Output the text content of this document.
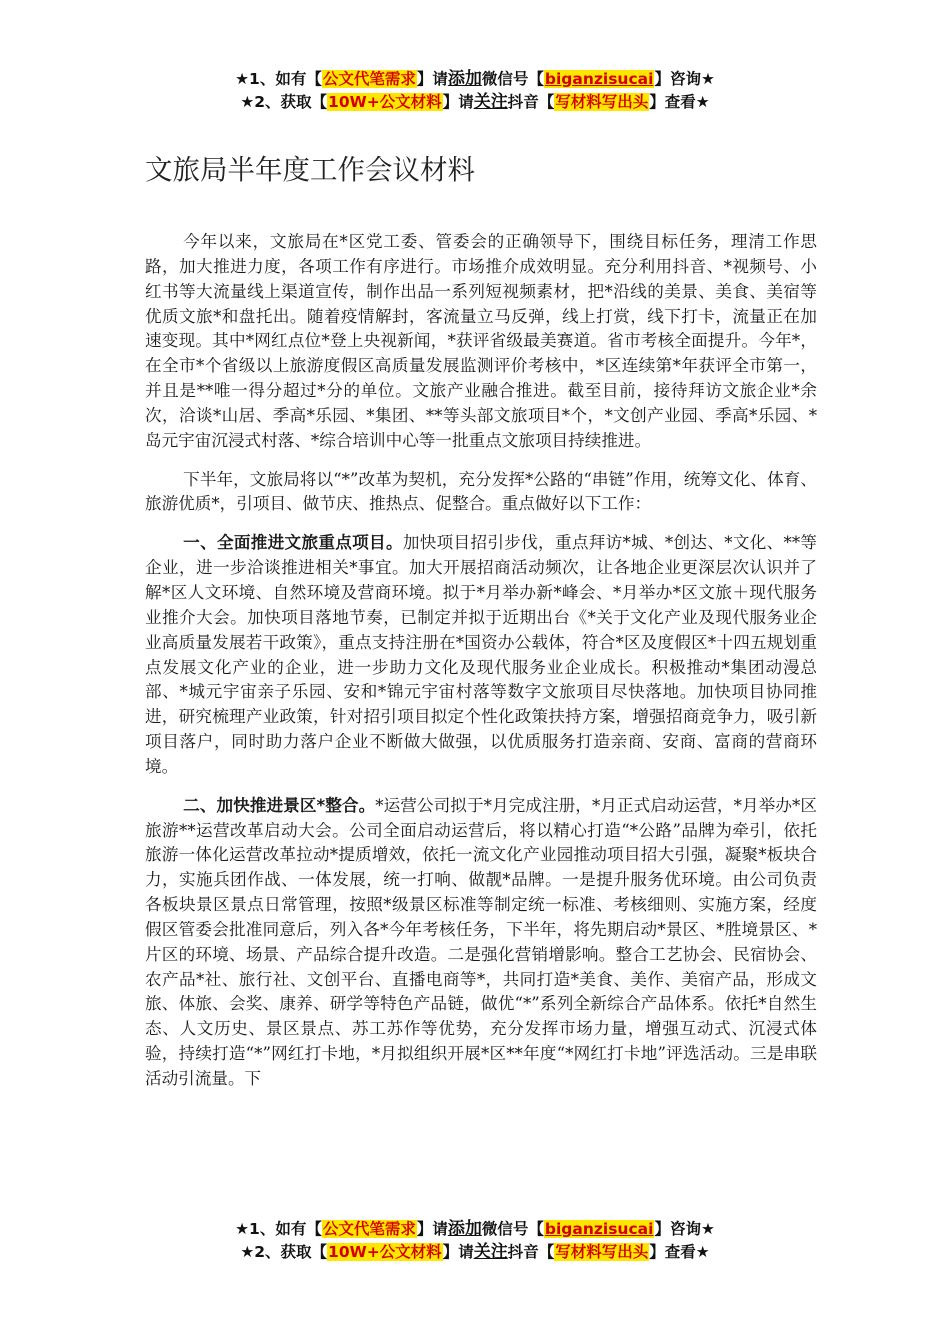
★1、如有【公文代笔需求】请添加微信号【biganzisucai】咨询★
★2、获取【10W+公文材料】请关注抖音【写材料写出头】查看★
文旅局半年度工作会议材料

今年以来，文旅局在*区党工委、管委会的正确领导下，围绕目标任务，理清工作思路，加大推进力度，各项工作有序进行。市场推介成效明显。充分利用抖音、*视频号、小红书等大流量线上渠道宣传，制作出品一系列短视频素材，把*沿线的美景、美食、美宿等优质文旅*和盘托出。随着疫情解封，客流量立马反弹，线上打赏，线下打卡，流量正在加速变现。其中*网红点位*登上央视新闻，*获评省级最美赛道。省市考核全面提升。今年*，在全市*个省级以上旅游度假区高质量发展监测评价考核中，*区连续第*年获评全市第一，并且是**唯一得分超过*分的单位。文旅产业融合推进。截至目前，接待拜访文旅企业*余次，洽谈*山居、季高*乐园、*集团、**等头部文旅项目*个，*文创产业园、季高*乐园、*岛元宇宙沉浸式村落、*综合培训中心等一批重点文旅项目持续推进。

下半年，文旅局将以“*”改革为契机，充分发挥*公路的“串链”作用，统筹文化、体育、旅游优质*，引项目、做节庆、推热点、促整合。重点做好以下工作：

一、全面推进文旅重点项目。加快项目招引步伐，重点拜访*城、*创达、*文化、**等企业，进一步洽谈推进相关*事宜。加大开展招商活动频次，让各地企业更深层次认识并了解*区人文环境、自然环境及营商环境。拟于*月举办新*峰会、*月举办*区文旅＋现代服务业推介大会。加快项目落地节奏，已制定并拟于近期出台《*关于文化产业及现代服务业企业高质量发展若干政策》，重点支持注册在*国资办公载体，符合*区及度假区*十四五规划重点发展文化产业的企业，进一步助力文化及现代服务业企业成长。积极推动*集团动漫总部、*城元宇宙亲子乐园、安和*锦元宇宙村落等数字文旅项目尽快落地。加快项目协同推进，研究梳理产业政策，针对招引项目拟定个性化政策扶持方案，增强招商竞争力，吸引新项目落户，同时助力落户企业不断做大做强，以优质服务打造亲商、安商、富商的营商环境。

二、加快推进景区*整合。*运营公司拟于*月完成注册，*月正式启动运营，*月举办*区旅游**运营改革启动大会。公司全面启动运营后，将以精心打造“*公路”品牌为牵引，依托旅游一体化运营改革拉动*提质增效，依托一流文化产业园推动项目招大引强，凝聚*板块合力，实施兵团作战、一体发展，统一打响、做靓*品牌。一是提升服务优环境。由公司负责各板块景区景点日常管理，按照*级景区标准等制定统一标准、考核细则、实施方案，经度假区管委会批准同意后，列入各*今年考核任务，下半年，将先期启动*景区、*胜境景区、*片区的环境、场景、产品综合提升改造。二是强化营销增影响。整合工艺协会、民宿协会、农产品*社、旅行社、文创平台、直播电商等*，共同打造*美食、美作、美宿产品，形成文旅、体旅、会奖、康养、研学等特色产品链，做优“*”系列全新综合产品体系。依托*自然生态、人文历史、景区景点、苏工苏作等优势，充分发挥市场力量，增强互动式、沉浸式体验，持续打造“*”网红打卡地，*月拟组织开展*区**年度“*网红打卡地”评选活动。三是串联活动引流量。下

★1、如有【公文代笔需求】请添加微信号【biganzisucai】咨询★
★2、获取【10W+公文材料】请关注抖音【写材料写出头】查看★
